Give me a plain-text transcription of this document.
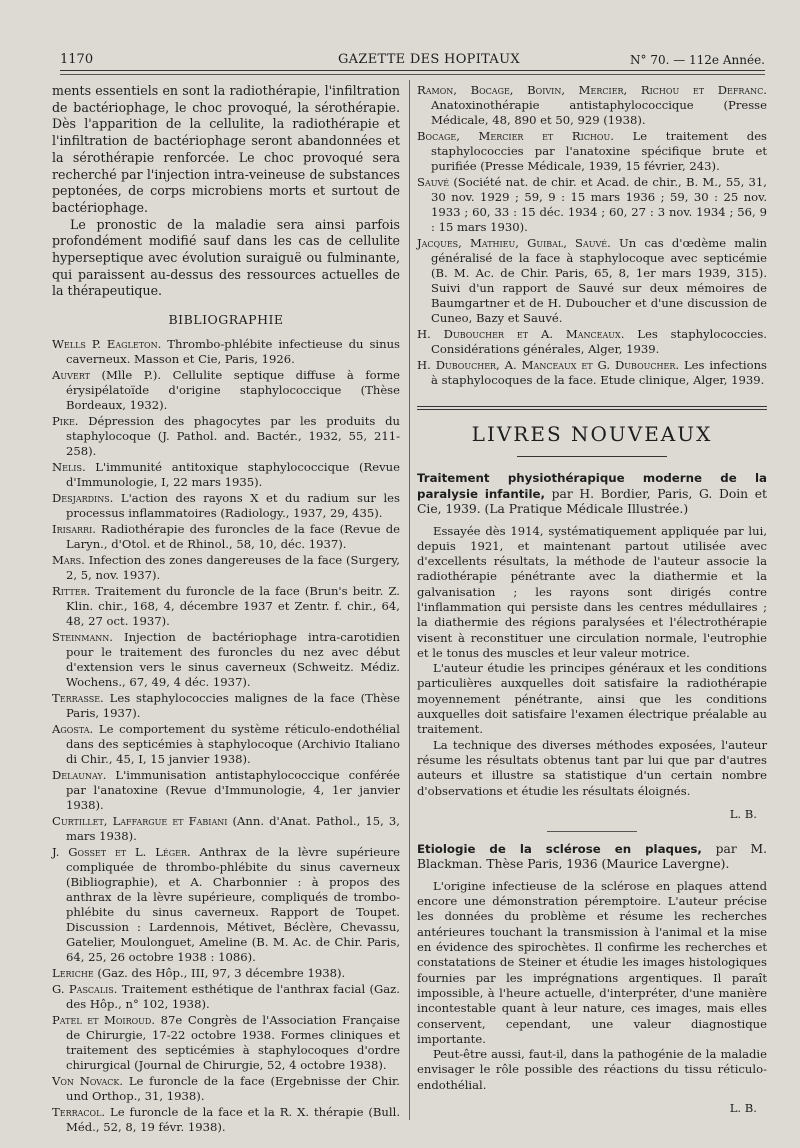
1170	GAZETTE DES HOPITAUX	N° 70. — 112e Année.

ments essentiels en sont la radiothérapie, l'infiltration de bactériophage, le choc provoqué, la sérothérapie. Dès l'apparition de la cellulite, la radiothérapie et l'infiltration de bactériophage seront abandonnées et la sérothérapie renforcée. Le choc provoqué sera recherché par l'injection intra-veineuse de substances peptonées, de corps microbiens morts et surtout de bactériophage.

Le pronostic de la maladie sera ainsi parfois profondément modifié sauf dans les cas de cellulite hyperseptique avec évolution suraiguë ou fulminante, qui paraissent au-dessus des ressources actuelles de la thérapeutique.

BIBLIOGRAPHIE

Wells P. Eagleton. Thrombo-phlébite infectieuse du sinus caverneux. Masson et Cie, Paris, 1926.

Auvert (Mlle P.). Cellulite septique diffuse à forme érysipélatoïde d'origine staphylococcique (Thèse Bordeaux, 1932).

Pike. Dépression des phagocytes par les produits du staphylocoque (J. Pathol. and. Bactér., 1932, 55, 211-258).

Nelis. L'immunité antitoxique staphylococcique (Revue d'Immunologie, I, 22 mars 1935).

Desjardins. L'action des rayons X et du radium sur les processus inflammatoires (Radiology., 1937, 29, 435).

Irisarri. Radiothérapie des furoncles de la face (Revue de Laryn., d'Otol. et de Rhinol., 58, 10, déc. 1937).

Mars. Infection des zones dangereuses de la face (Surgery, 2, 5, nov. 1937).

Ritter. Traitement du furoncle de la face (Brun's beitr. Z. Klin. chir., 168, 4, décembre 1937 et Zentr. f. chir., 64, 48, 27 oct. 1937).

Steinmann. Injection de bactériophage intra-carotidien pour le traitement des furoncles du nez avec début d'extension vers le sinus caverneux (Schweitz. Médiz. Wochens., 67, 49, 4 déc. 1937).

Terrasse. Les staphylococcies malignes de la face (Thèse Paris, 1937).

Agosta. Le comportement du système réticulo-endothélial dans des septicémies à staphylocoque (Archivio Italiano di Chir., 45, I, 15 janvier 1938).

Delaunay. L'immunisation antistaphylococcique conférée par l'anatoxine (Revue d'Immunologie, 4, 1er janvier 1938).

Curtillet, Laffargue et Fabiani (Ann. d'Anat. Pathol., 15, 3, mars 1938).

J. Gosset et L. Léger. Anthrax de la lèvre supérieure compliquée de thrombo-phlébite du sinus caverneux (Bibliographie), et A. Charbonnier : à propos des anthrax de la lèvre supérieure, compliqués de trombo-phlébite du sinus caverneux. Rapport de Toupet. Discussion : Lardennois, Métivet, Béclère, Chevassu, Gatelier, Moulonguet, Ameline (B. M. Ac. de Chir. Paris, 64, 25, 26 octobre 1938 : 1086).

Leriche (Gaz. des Hôp., III, 97, 3 décembre 1938).

G. Pascalis. Traitement esthétique de l'anthrax facial (Gaz. des Hôp., n° 102, 1938).

Patel et Moiroud. 87e Congrès de l'Association Française de Chirurgie, 17-22 octobre 1938. Formes cliniques et traitement des septicémies à staphylocoques d'ordre chirurgical (Journal de Chirurgie, 52, 4 octobre 1938).

Von Novack. Le furoncle de la face (Ergebnisse der Chir. und Orthop., 31, 1938).

Terracol. Le furoncle de la face et la R. X. thérapie (Bull. Méd., 52, 8, 19 févr. 1938).

Ramon, Bocage, Boivin, Mercier, Richou et Defranc. Anatoxinothérapie antistaphylococcique (Presse Médicale, 48, 890 et 50, 929 (1938).

Bocage, Mercier et Richou. Le traitement des staphylococcies par l'anatoxine spécifique brute et purifiée (Presse Médicale, 1939, 15 février, 243).

Sauvé (Société nat. de chir. et Acad. de chir., B. M., 55, 31, 30 nov. 1929 ; 59, 9 : 15 mars 1936 ; 59, 30 : 25 nov. 1933 ; 60, 33 : 15 déc. 1934 ; 60, 27 : 3 nov. 1934 ; 56, 9 : 15 mars 1930).

Jacques, Mathieu, Guibal, Sauvé. Un cas d'œdème malin généralisé de la face à staphylocoque avec septicémie (B. M. Ac. de Chir. Paris, 65, 8, 1er mars 1939, 315). Suivi d'un rapport de Sauvé sur deux mémoires de Baumgartner et de H. Duboucher et d'une discussion de Cuneo, Bazy et Sauvé.

H. Duboucher et A. Manceaux. Les staphylococcies. Considérations générales, Alger, 1939.

H. Duboucher, A. Manceaux et G. Duboucher. Les infections à staphylocoques de la face. Etude clinique, Alger, 1939.

LIVRES NOUVEAUX

Traitement physiothérapique moderne de la paralysie infantile, par H. Bordier, Paris, G. Doin et Cie, 1939. (La Pratique Médicale Illustrée.)

Essayée dès 1914, systématiquement appliquée par lui, depuis 1921, et maintenant partout utilisée avec d'excellents résultats, la méthode de l'auteur associe la radiothérapie pénétrante avec la diathermie et la galvanisation ; les rayons sont dirigés contre l'inflammation qui persiste dans les centres médullaires ; la diathermie des régions paralysées et l'électrothérapie visent à reconstituer une circulation normale, l'eutrophie et le tonus des muscles et leur valeur motrice.

L'auteur étudie les principes généraux et les conditions particulières auxquelles doit satisfaire la radiothérapie moyennement pénétrante, ainsi que les conditions auxquelles doit satisfaire l'examen électrique préalable au traitement.

La technique des diverses méthodes exposées, l'auteur résume les résultats obtenus tant par lui que par d'autres auteurs et illustre sa statistique d'un certain nombre d'observations et étudie les résultats éloignés.

L. B.

Etiologie de la sclérose en plaques, par M. Blackman. Thèse Paris, 1936 (Maurice Lavergne).

L'origine infectieuse de la sclérose en plaques attend encore une démonstration péremptoire. L'auteur précise les données du problème et résume les recherches antérieures touchant la transmission à l'animal et la mise en évidence des spirochètes. Il confirme les recherches et constatations de Steiner et étudie les images histologiques fournies par les imprégnations argentiques. Il paraît impossible, à l'heure actuelle, d'interpréter, d'une manière incontestable quant à leur nature, ces images, mais elles conservent, cependant, une valeur diagnostique importante.

Peut-être aussi, faut-il, dans la pathogénie de la maladie envisager le rôle possible des réactions du tissu réticulo-endothélial.

L. B.
